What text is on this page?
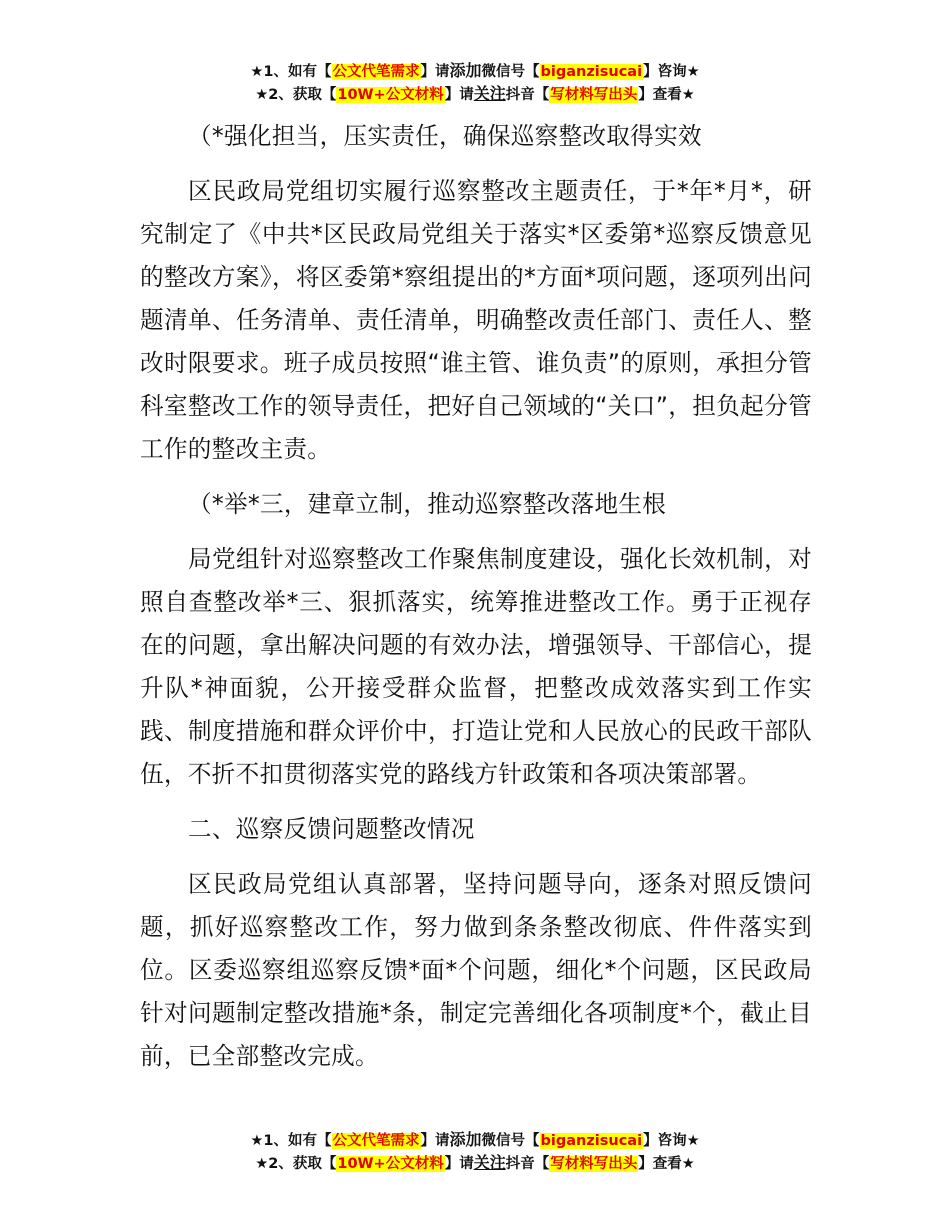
★1、如有【公文代笔需求】请添加微信号【biganzisucai】咨询★
★2、获取【10W+公文材料】请关注抖音【写材料写出头】查看★

（*强化担当，压实责任，确保巡察整改取得实效

区民政局党组切实履行巡察整改主题责任，于*年*月*，研究制定了《中共*区民政局党组关于落实*区委第*巡察反馈意见的整改方案》，将区委第*察组提出的*方面*项问题，逐项列出问题清单、任务清单、责任清单，明确整改责任部门、责任人、整改时限要求。班子成员按照“谁主管、谁负责”的原则，承担分管科室整改工作的领导责任，把好自己领域的“关口”，担负起分管工作的整改主责。

（*举*三，建章立制，推动巡察整改落地生根

局党组针对巡察整改工作聚焦制度建设，强化长效机制，对照自查整改举*三、狠抓落实，统筹推进整改工作。勇于正视存在的问题，拿出解决问题的有效办法，增强领导、干部信心，提升队*神面貌，公开接受群众监督，把整改成效落实到工作实践、制度措施和群众评价中，打造让党和人民放心的民政干部队伍，不折不扣贯彻落实党的路线方针政策和各项决策部署。

二、巡察反馈问题整改情况

区民政局党组认真部署，坚持问题导向，逐条对照反馈问题，抓好巡察整改工作，努力做到条条整改彻底、件件落实到位。区委巡察组巡察反馈*面*个问题，细化*个问题，区民政局针对问题制定整改措施*条，制定完善细化各项制度*个，截止目前，已全部整改完成。

★1、如有【公文代笔需求】请添加微信号【biganzisucai】咨询★
★2、获取【10W+公文材料】请关注抖音【写材料写出头】查看★
